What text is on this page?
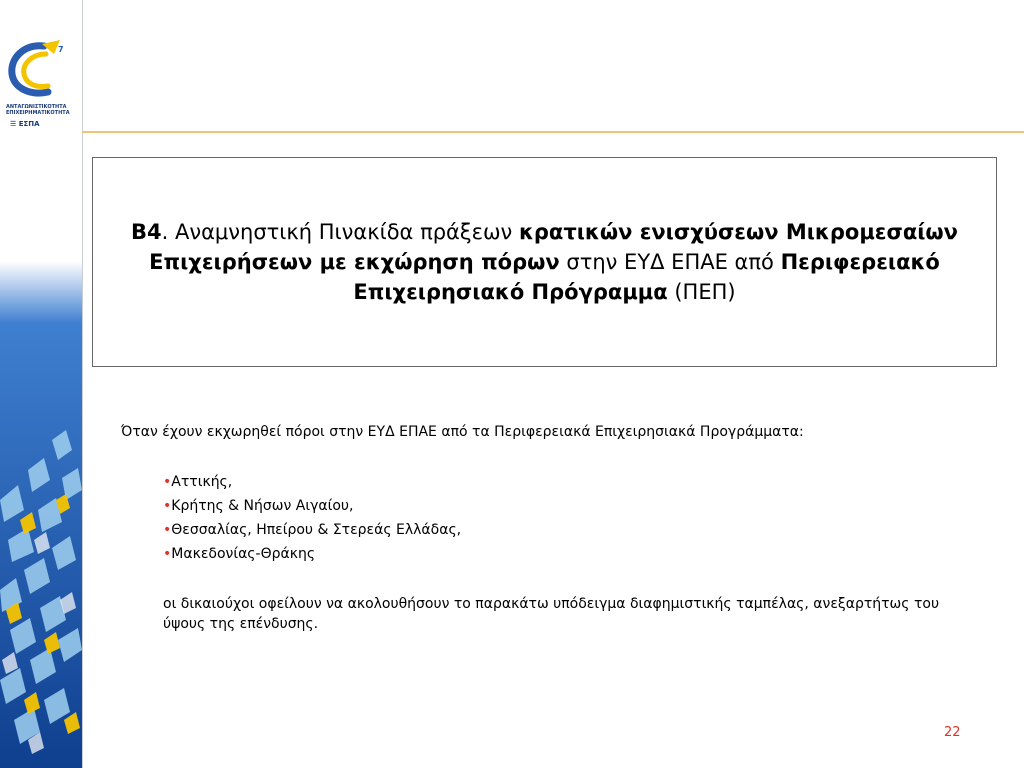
7
ΑΝΤΑΓΩΝΙΣΤΙΚΟΤΗΤΑ
ΕΠΙΧΕΙΡΗΜΑΤΙΚΟΤΗΤΑ
☰ ΕΣΠΑ
Β4. Αναμνηστική Πινακίδα πράξεων κρατικών ενισχύσεων Μικρομεσαίων Επιχειρήσεων με εκχώρηση πόρων στην ΕΥΔ ΕΠΑΕ από Περιφερειακό Επιχειρησιακό Πρόγραμμα (ΠΕΠ)
Όταν έχουν εκχωρηθεί πόροι στην ΕΥΔ ΕΠΑΕ από τα Περιφερειακά Επιχειρησιακά Προγράμματα:
•Αττικής,
•Κρήτης & Νήσων Αιγαίου,
•Θεσσαλίας, Ηπείρου & Στερεάς Ελλάδας,
•Μακεδονίας-Θράκης
οι δικαιούχοι οφείλουν να ακολουθήσουν το παρακάτω υπόδειγμα διαφημιστικής ταμπέλας, ανεξαρτήτως του ύψους της επένδυσης.
22
